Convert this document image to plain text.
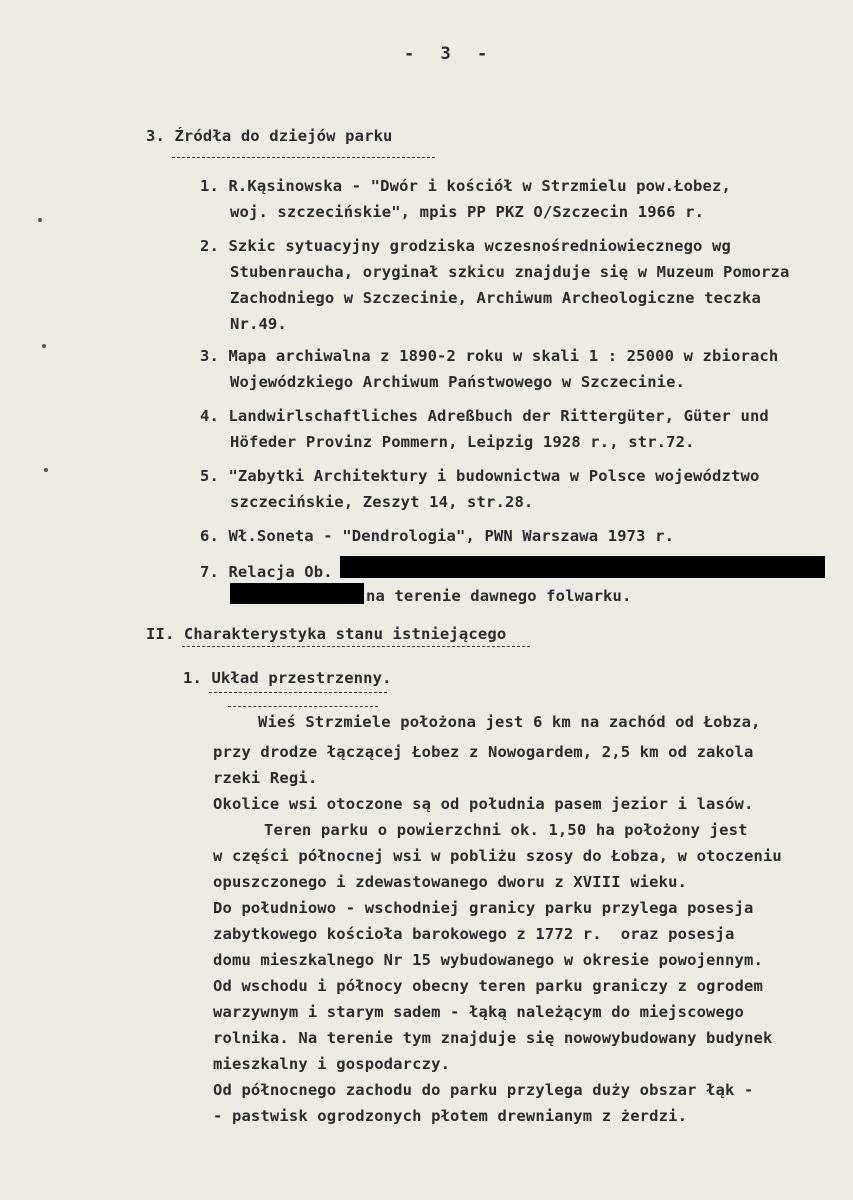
- 3 -
3. Źródła do dziejów parku
1. R.Kąsinowska - "Dwór i kościół w Strzmielu pow.Łobez,
woj. szczecińskie", mpis PP PKZ O/Szczecin 1966 r.
2. Szkic sytuacyjny grodziska wczesnośredniowiecznego wg
Stubenraucha, oryginał szkicu znajduje się w Muzeum Pomorza
Zachodniego w Szczecinie, Archiwum Archeologiczne teczka
Nr.49.
3. Mapa archiwalna z 1890-2 roku w skali 1 : 25000 w zbiorach
Wojewódzkiego Archiwum Państwowego w Szczecinie.
4. Landwirlschaftliches Adreßbuch der Rittergüter, Güter und
Höfeder Provinz Pommern, Leipzig 1928 r., str.72.
5. "Zabytki Architektury i budownictwa w Polsce województwo
szczecińskie, Zeszyt 14, str.28.
6. Wł.Soneta - "Dendrologia", PWN Warszawa 1973 r.
7. Relacja Ob.
na terenie dawnego folwarku.
II. Charakterystyka stanu istniejącego
1. Układ przestrzenny.
Wieś Strzmiele położona jest 6 km na zachód od Łobza,
przy drodze łączącej Łobez z Nowogardem, 2,5 km od zakola
rzeki Regi.
Okolice wsi otoczone są od południa pasem jezior i lasów.
Teren parku o powierzchni ok. 1,50 ha położony jest
w części północnej wsi w pobliżu szosy do Łobza, w otoczeniu
opuszczonego i zdewastowanego dworu z XVIII wieku.
Do południowo - wschodniej granicy parku przylega posesja
zabytkowego kościoła barokowego z 1772 r.  oraz posesja
domu mieszkalnego Nr 15 wybudowanego w okresie powojennym.
Od wschodu i północy obecny teren parku graniczy z ogrodem
warzywnym i starym sadem - łąką należącym do miejscowego
rolnika. Na terenie tym znajduje się nowowybudowany budynek
mieszkalny i gospodarczy.
Od północnego zachodu do parku przylega duży obszar łąk -
- pastwisk ogrodzonych płotem drewnianym z żerdzi.
